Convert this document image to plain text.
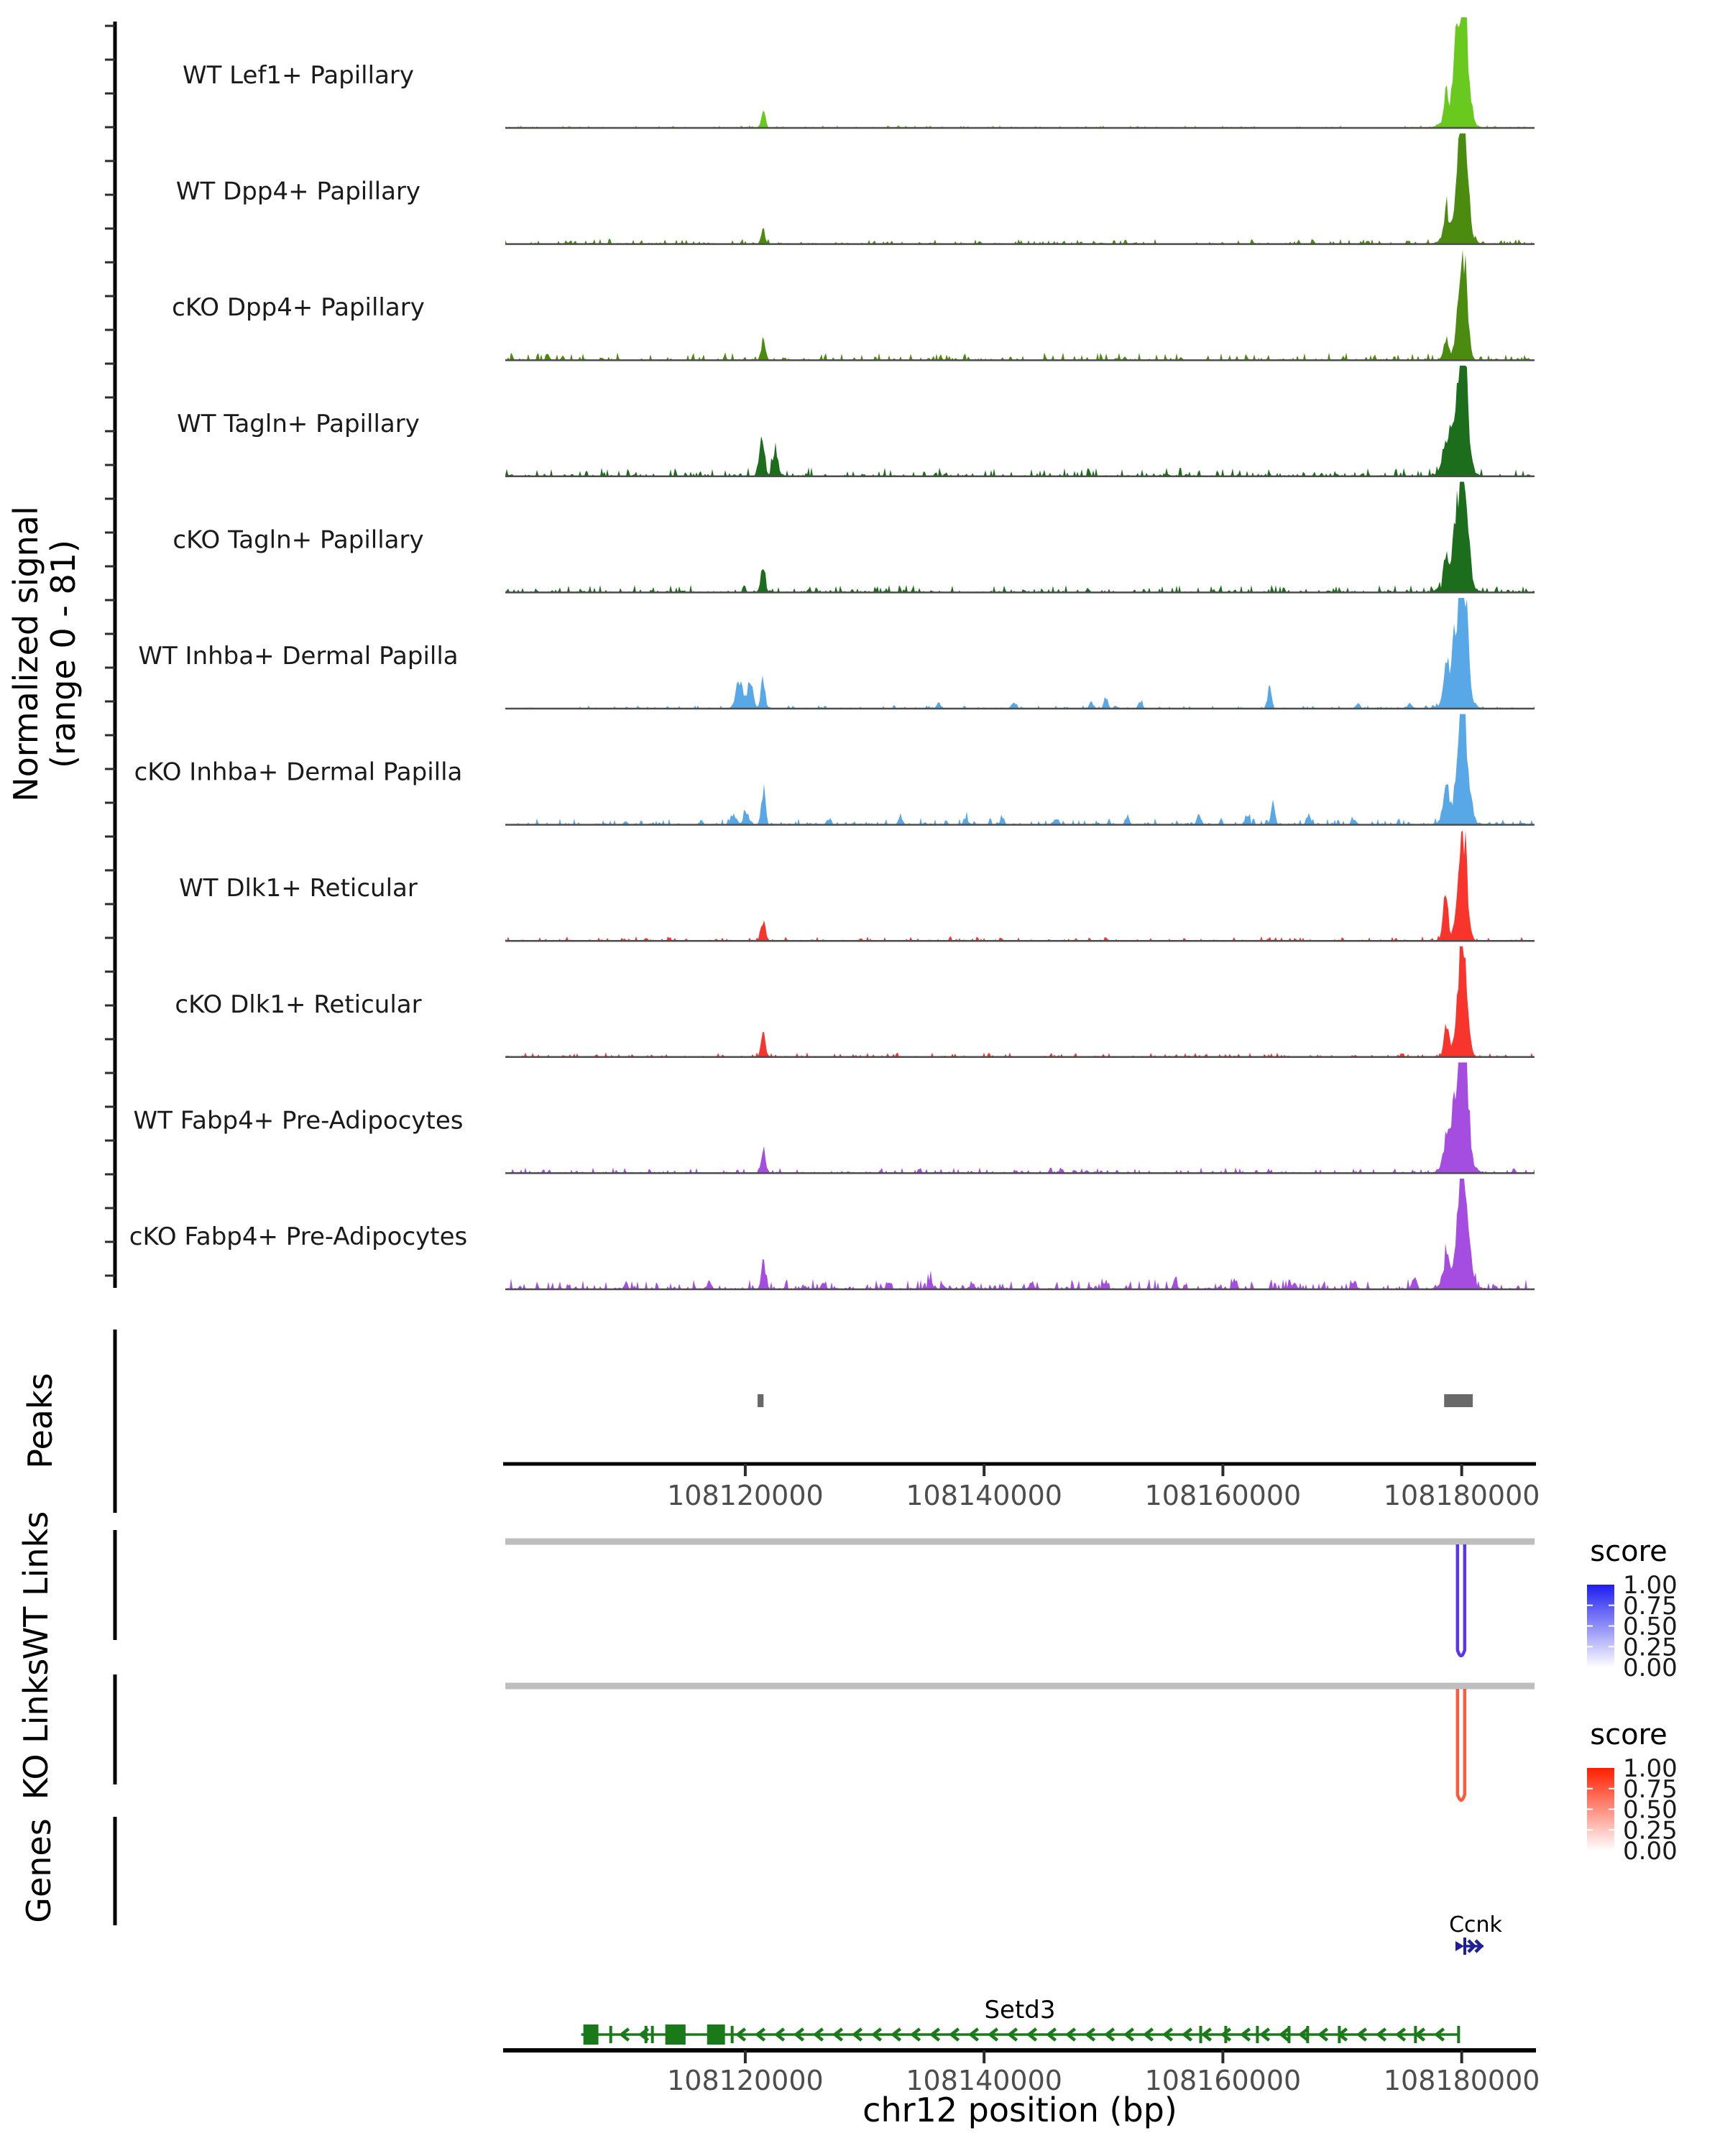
Normalized signal
(range 0 - 81)
Peaks
WT Links
KO Links
Genes
WT Lef1+ Papillary
WT Dpp4+ Papillary
cKO Dpp4+ Papillary
WT Tagln+ Papillary
cKO Tagln+ Papillary
WT Inhba+ Dermal Papilla
cKO Inhba+ Dermal Papilla
WT Dlk1+ Reticular
cKO Dlk1+ Reticular
WT Fabp4+ Pre-Adipocytes
cKO Fabp4+ Pre-Adipocytes
108120000	108140000	108160000	108180000
score
1.00
0.75
0.50
0.25
0.00
score
1.00
0.75
0.50
0.25
0.00
Ccnk
Setd3
108120000	108140000	108160000	108180000
chr12 position (bp)
